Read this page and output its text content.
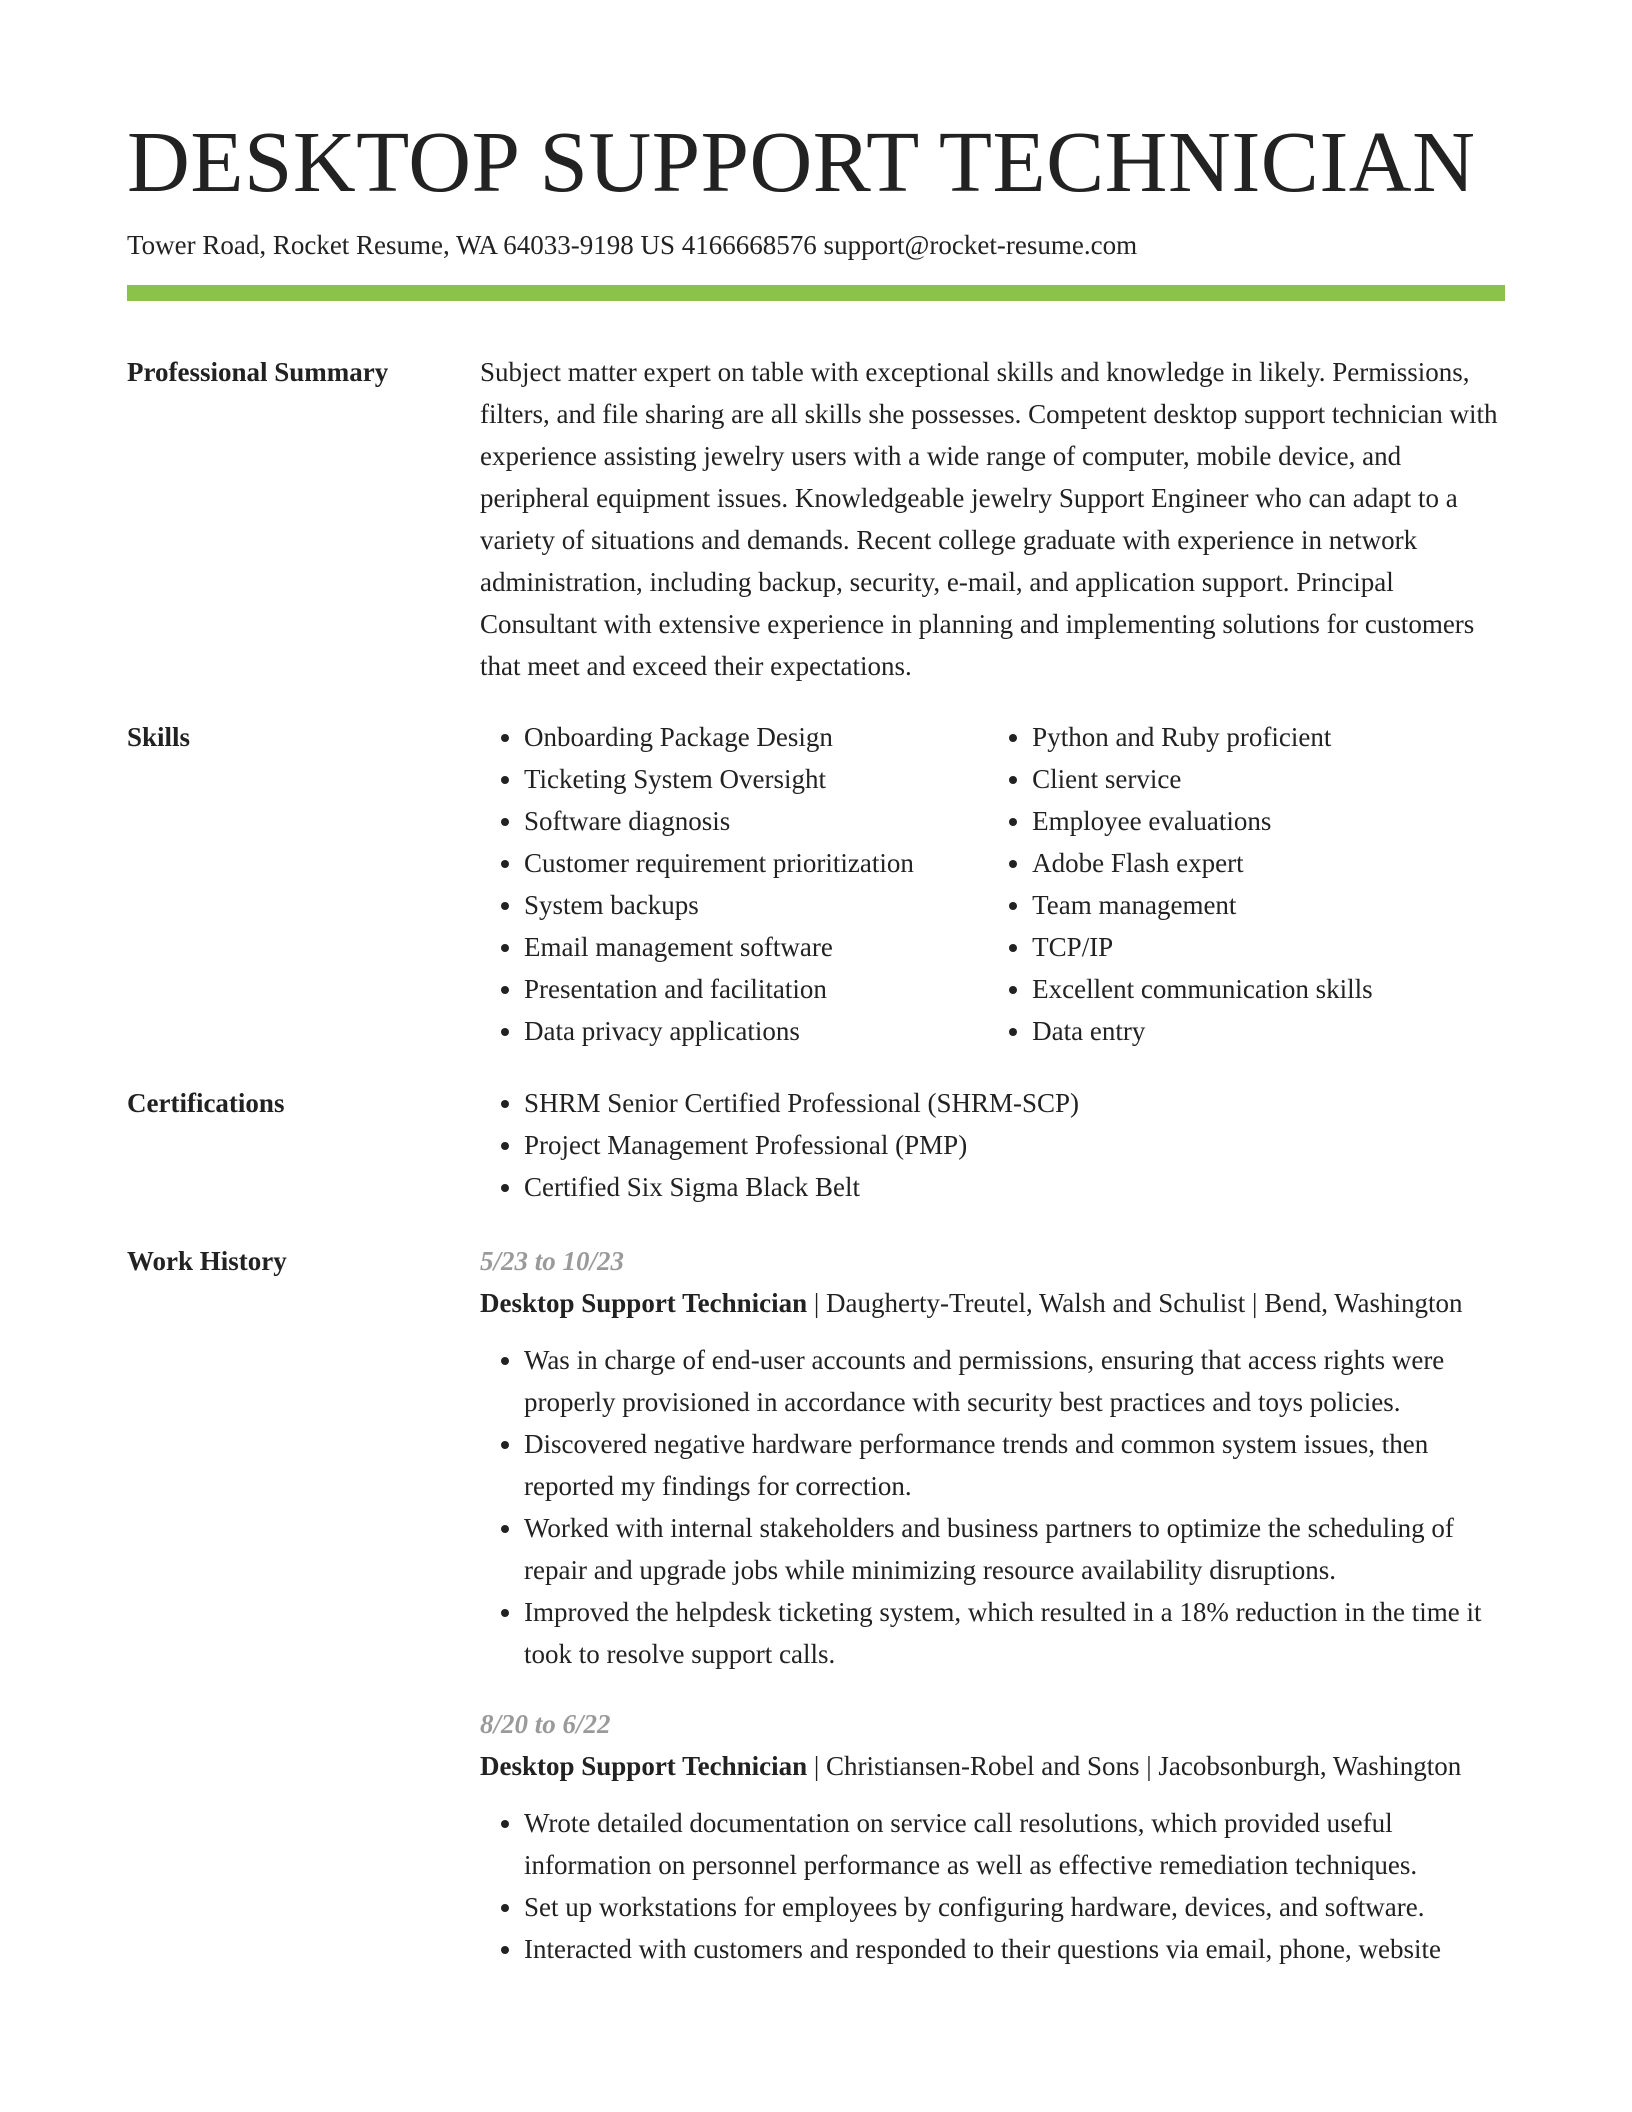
DESKTOP SUPPORT TECHNICIAN
Tower Road, Rocket Resume, WA 64033-9198 US 4166668576 support@rocket-resume.com
Professional Summary	Subject matter expert on table with exceptional skills and knowledge in likely. Permissions, filters, and file sharing are all skills she possesses. Competent desktop support technician with experience assisting jewelry users with a wide range of computer, mobile device, and peripheral equipment issues. Knowledgeable jewelry Support Engineer who can adapt to a variety of situations and demands. Recent college graduate with experience in network administration, including backup, security, e-mail, and application support. Principal Consultant with extensive experience in planning and implementing solutions for customers that meet and exceed their expectations.

Skills	• Onboarding Package Design
• Ticketing System Oversight
• Software diagnosis
• Customer requirement prioritization
• System backups
• Email management software
• Presentation and facilitation
• Data privacy applications
• Python and Ruby proficient
• Client service
• Employee evaluations
• Adobe Flash expert
• Team management
• TCP/IP
• Excellent communication skills
• Data entry
Certifications	• SHRM Senior Certified Professional (SHRM-SCP)
• Project Management Professional (PMP)
• Certified Six Sigma Black Belt
Work History	5/23 to 10/23
Desktop Support Technician | Daugherty-Treutel, Walsh and Schulist | Bend, Washington
• Was in charge of end-user accounts and permissions, ensuring that access rights were properly provisioned in accordance with security best practices and toys policies.
• Discovered negative hardware performance trends and common system issues, then reported my findings for correction.
• Worked with internal stakeholders and business partners to optimize the scheduling of repair and upgrade jobs while minimizing resource availability disruptions.
• Improved the helpdesk ticketing system, which resulted in a 18% reduction in the time it took to resolve support calls.
8/20 to 6/22
Desktop Support Technician | Christiansen-Robel and Sons | Jacobsonburgh, Washington
• Wrote detailed documentation on service call resolutions, which provided useful information on personnel performance as well as effective remediation techniques.
• Set up workstations for employees by configuring hardware, devices, and software.
• Interacted with customers and responded to their questions via email, phone, website
